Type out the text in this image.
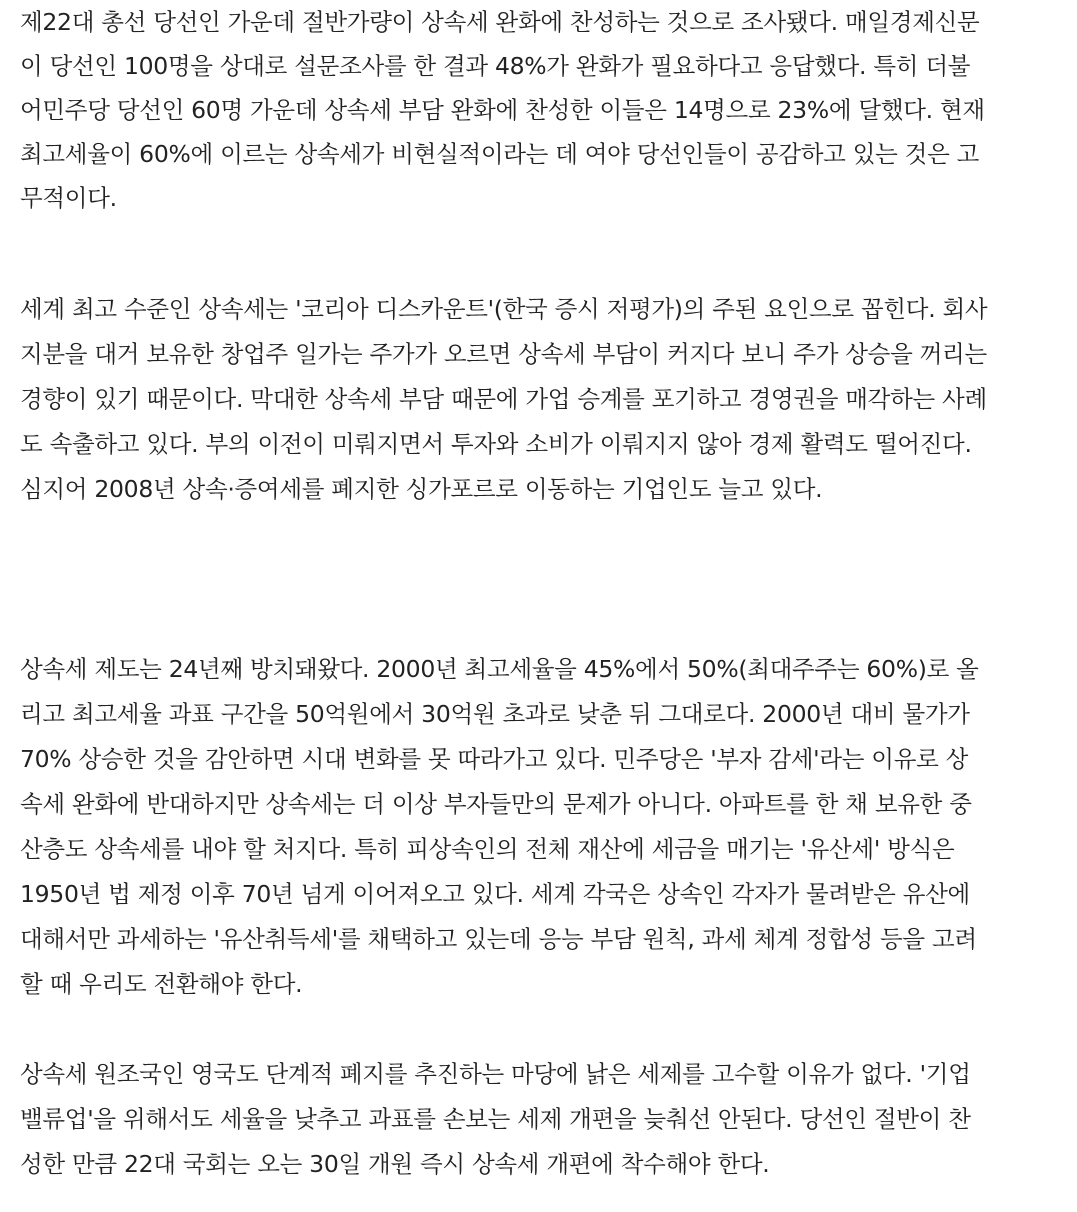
제22대 총선 당선인 가운데 절반가량이 상속세 완화에 찬성하는 것으로 조사됐다. 매일경제신문
이 당선인 100명을 상대로 설문조사를 한 결과 48%가 완화가 필요하다고 응답했다. 특히 더불
어민주당 당선인 60명 가운데 상속세 부담 완화에 찬성한 이들은 14명으로 23%에 달했다. 현재
최고세율이 60%에 이르는 상속세가 비현실적이라는 데 여야 당선인들이 공감하고 있는 것은 고
무적이다.
세계 최고 수준인 상속세는 '코리아 디스카운트'(한국 증시 저평가)의 주된 요인으로 꼽힌다. 회사
지분을 대거 보유한 창업주 일가는 주가가 오르면 상속세 부담이 커지다 보니 주가 상승을 꺼리는
경향이 있기 때문이다. 막대한 상속세 부담 때문에 가업 승계를 포기하고 경영권을 매각하는 사례
도 속출하고 있다. 부의 이전이 미뤄지면서 투자와 소비가 이뤄지지 않아 경제 활력도 떨어진다.
심지어 2008년 상속·증여세를 폐지한 싱가포르로 이동하는 기업인도 늘고 있다.
상속세 제도는 24년째 방치돼왔다. 2000년 최고세율을 45%에서 50%(최대주주는 60%)로 올
리고 최고세율 과표 구간을 50억원에서 30억원 초과로 낮춘 뒤 그대로다. 2000년 대비 물가가
70% 상승한 것을 감안하면 시대 변화를 못 따라가고 있다. 민주당은 '부자 감세'라는 이유로 상
속세 완화에 반대하지만 상속세는 더 이상 부자들만의 문제가 아니다. 아파트를 한 채 보유한 중
산층도 상속세를 내야 할 처지다. 특히 피상속인의 전체 재산에 세금을 매기는 '유산세' 방식은
1950년 법 제정 이후 70년 넘게 이어져오고 있다. 세계 각국은 상속인 각자가 물려받은 유산에
대해서만 과세하는 '유산취득세'를 채택하고 있는데 응능 부담 원칙, 과세 체계 정합성 등을 고려
할 때 우리도 전환해야 한다.
상속세 원조국인 영국도 단계적 폐지를 추진하는 마당에 낡은 세제를 고수할 이유가 없다. '기업
밸류업'을 위해서도 세율을 낮추고 과표를 손보는 세제 개편을 늦춰선 안된다. 당선인 절반이 찬
성한 만큼 22대 국회는 오는 30일 개원 즉시 상속세 개편에 착수해야 한다.
